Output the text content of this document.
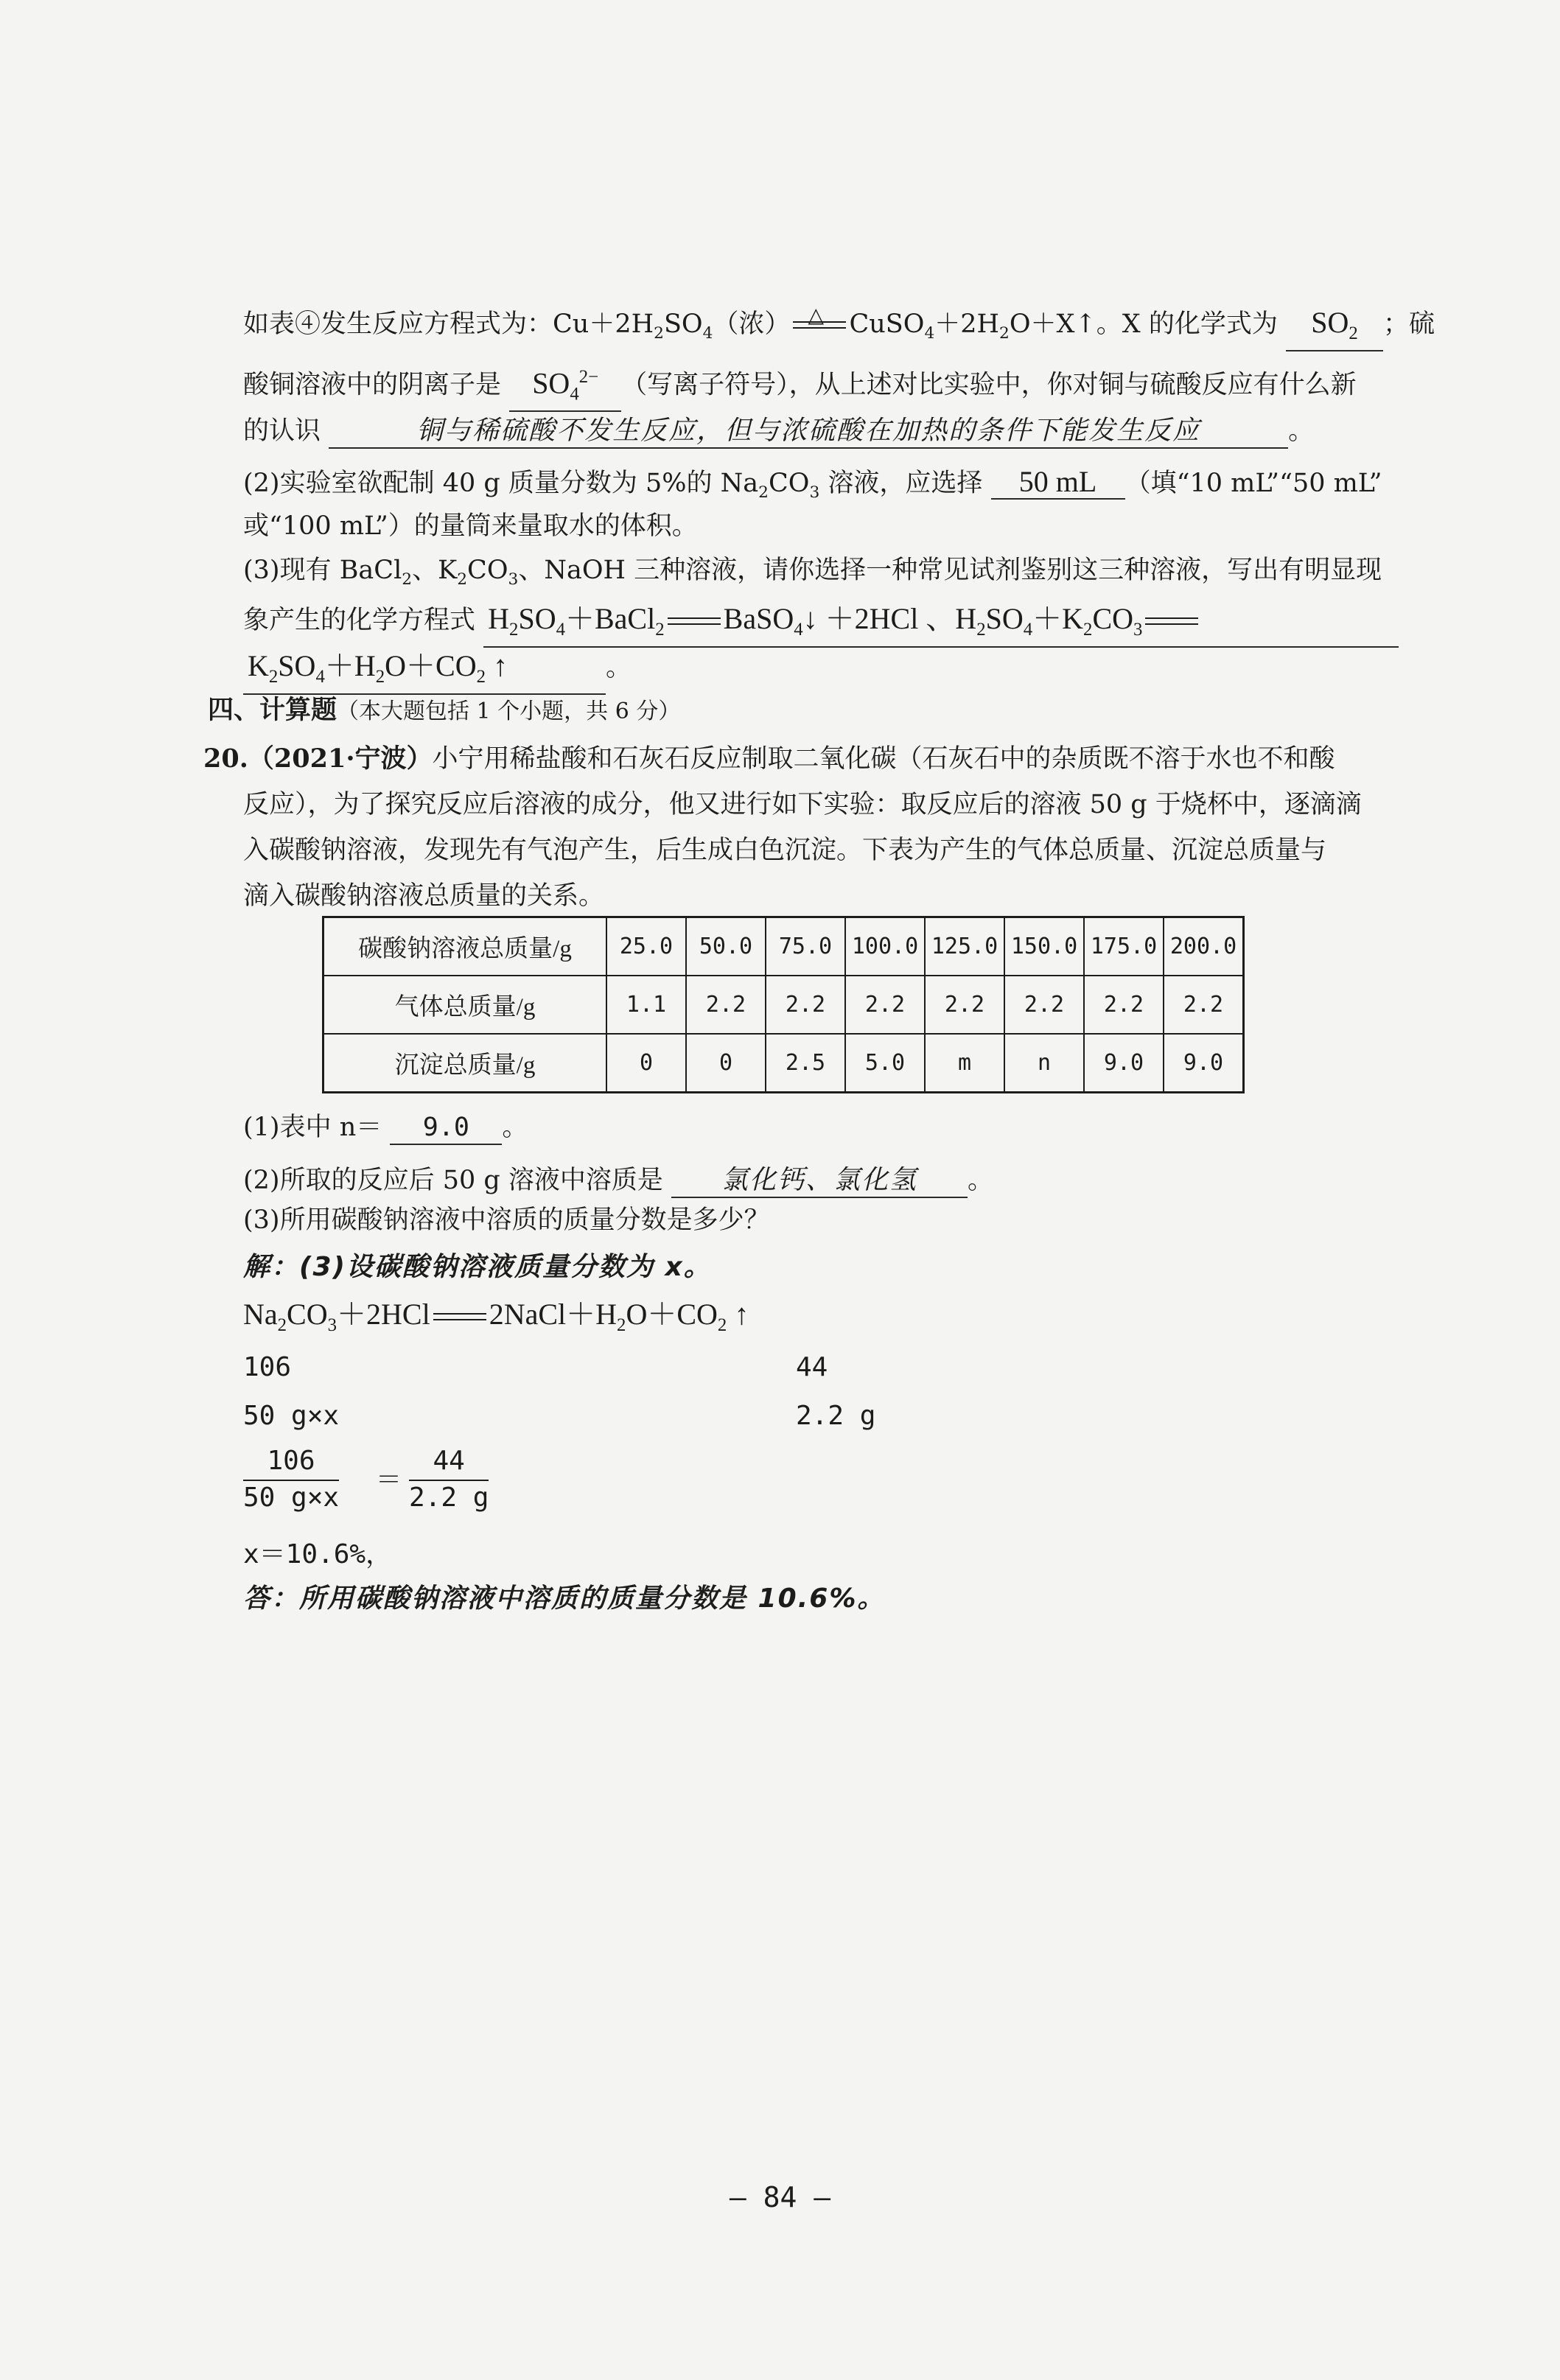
如表④发生反应方程式为：$Cu+2H_2SO_4$（浓） △ $CuSO_4+2H_2O+X↑$。X 的化学式为 $SO_2$ ；硫
酸铜溶液中的阴离子是 $SO_4^{2-}$ （写离子符号），从上述对比实验中，你对铜与硫酸反应有什么新
的认识	铜与稀硫酸不发生反应，但与浓硫酸在加热的条件下能发生反应	。
(2)实验室欲配制 40 g 质量分数为 5%的 $Na_2CO_3$ 溶液，应选择 50 mL （填“10 mL”“50 mL”
或“100 mL”）的量筒来量取水的体积。
(3)现有 BaCl$_2$、$K_2CO_3$、NaOH 三种溶液，请你选择一种常见试剂鉴别这三种溶液，写出有明显现
象产生的化学方程式 $H_2SO_4+BaCl_2$ BaSO$_4$↓ ＋2HCl 、$H_2SO_4+K_2CO_3$
$K_2SO_4+H_2O+CO_2$ ↑	。
四、计算题（本大题包括 1 个小题，共 6 分）
20.（2021·宁波）小宁用稀盐酸和石灰石反应制取二氧化碳（石灰石中的杂质既不溶于水也不和酸
反应），为了探究反应后溶液的成分，他又进行如下实验：取反应后的溶液 50 g 于烧杯中，逐滴滴
入碳酸钠溶液，发现先有气泡产生，后生成白色沉淀。下表为产生的气体总质量、沉淀总质量与
滴入碳酸钠溶液总质量的关系。
碳酸钠溶液总质量/g	25.0	50.0	75.0	100.0	125.0	150.0	175.0	200.0
气体总质量/g	1.1	2.2	2.2	2.2	2.2	2.2	2.2	2.2
沉淀总质量/g	0	0	2.5	5.0	m	n	9.0	9.0
(1)表中 n＝ 9.0 。
(2)所取的反应后 50 g 溶液中溶质是 氯化钙、氯化氢 。
(3)所用碳酸钠溶液中溶质的质量分数是多少？
解：(3)设碳酸钠溶液质量分数为 x。
$Na_2CO_3+2HCl$ $2NaCl+H_2O+CO_2$ ↑
106	44
50 g×x	2.2 g
$\frac{106}{50 g\times x} = \frac{44}{2.2 g}$
x＝10.6%，
答：所用碳酸钠溶液中溶质的质量分数是 10.6%。
— 84 —
